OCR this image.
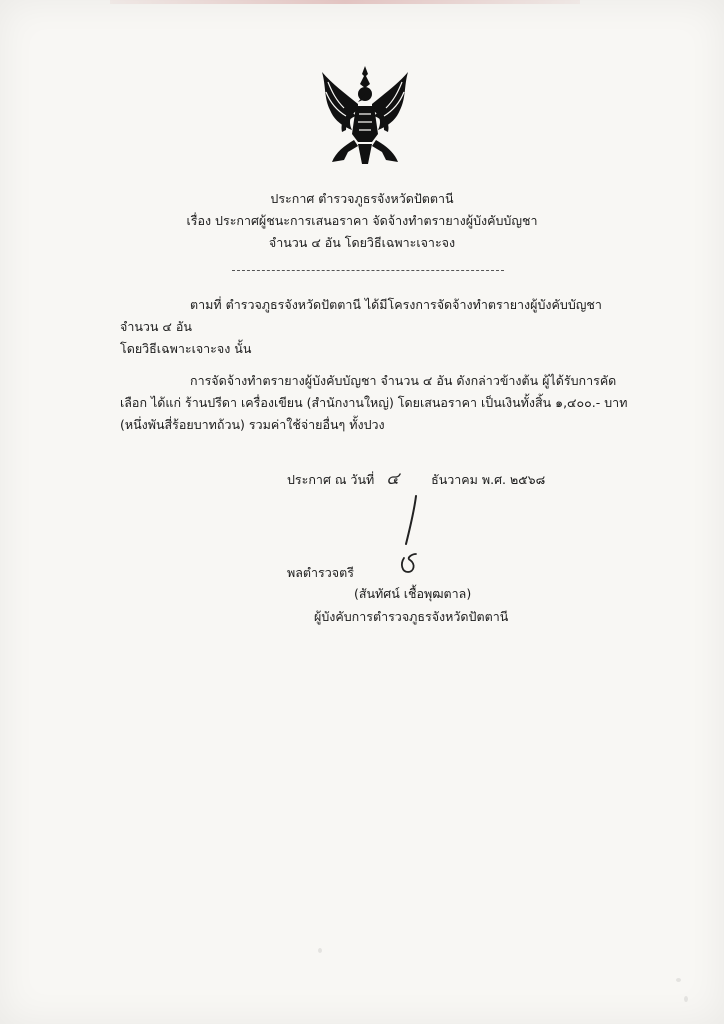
ประกาศ ตำรวจภูธรจังหวัดปัตตานี
เรื่อง ประกาศผู้ชนะการเสนอราคา จัดจ้างทำตรายางผู้บังคับบัญชา
จำนวน ๔ อัน โดยวิธีเฉพาะเจาะจง

ตามที่ ตำรวจภูธรจังหวัดปัตตานี ได้มีโครงการจัดจ้างทำตรายางผู้บังคับบัญชา จำนวน ๔ อัน

โดยวิธีเฉพาะเจาะจง นั้น

การจัดจ้างทำตรายางผู้บังคับบัญชา จำนวน ๔ อัน ดังกล่าวข้างต้น ผู้ได้รับการคัดเลือก ได้แก่ ร้านปรีดา เครื่องเขียน (สำนักงานใหญ่) โดยเสนอราคา เป็นเงินทั้งสิ้น ๑,๔๐๐.- บาท (หนึ่งพันสี่ร้อยบาทถ้วน) รวมค่าใช้จ่ายอื่นๆ ทั้งปวง

ประกาศ ณ วันที่ ๔	ธันวาคม พ.ศ. ๒๕๖๘
พลตำรวจตรี
(สันทัศน์ เชื้อพุฒตาล)
ผู้บังคับการตำรวจภูธรจังหวัดปัตตานี
